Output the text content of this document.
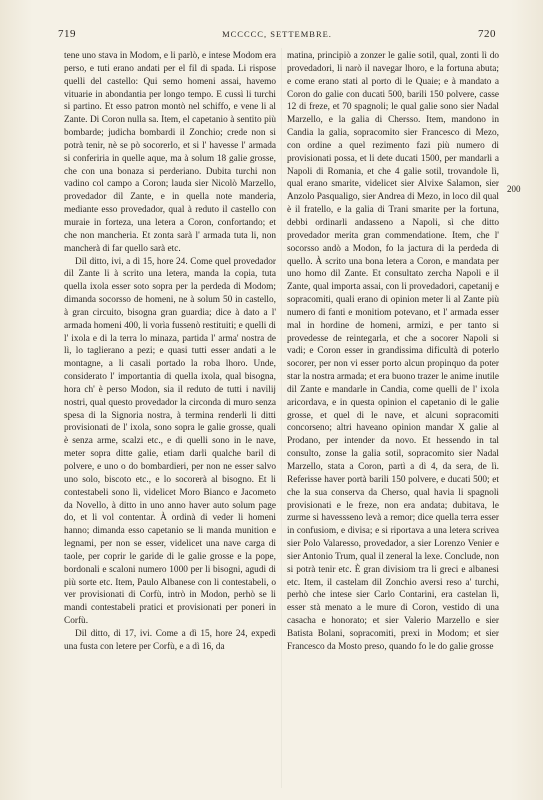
719	MCCCCC, SETTEMBRE.	720

tene uno stava in Modom, e li parlò, e intese Modom era perso, e tuti erano andati per el fil di spada. Li rispose quelli del castello: Qui semo homeni assai, havemo vituarie in abondantia per longo tempo. E cussì li turchi si partino. Et esso patron montò nel schiffo, e vene li al Zante. Di Coron nulla sa. Item, el capetanio à sentito più bombarde; judicha bombardi il Zonchio; crede non si potrà tenir, nè se pò socorerlo, et si l' havesse l' armada si conferiria in quelle aque, ma à solum 18 galie grosse, che con una bonaza si perderiano. Dubita turchi non vadino col campo a Coron; lauda sier Nicolò Marzello, provedador dil Zante, e in quella note manderia, mediante esso provedador, qual à reduto il castello con muraie in forteza, una letera a Coron, confortando; et che non mancheria. Et zonta sarà l' armada tuta li, non mancherà di far quello sarà etc.

Dil ditto, ivi, a dì 15, hore 24. Come quel provedador dil Zante li à scrito una letera, manda la copia, tuta quella ixola esser soto sopra per la perdeda di Modom; dimanda socorsso de homeni, ne à solum 50 in castello, à gran circuito, bisogna gran guardia; dice à dato a l' armada homeni 400, li vorìa fussenò restituiti; e quelli di l' ixola e di la terra lo minaza, partida l' arma' nostra de lì, lo taglierano a pezi; e quasi tutti esser andati a le montagne, a li casali portado la roba lhoro. Unde, considerato l' importantia di quella ixola, qual bisogna, hora ch' è perso Modon, sia il reduto de tutti i navilij nostri, qual questo provedador la circonda di muro senza spesa di la Signoria nostra, à termina renderli li ditti provisionati de l' ixola, sono sopra le galie grosse, quali è senza arme, scalzi etc., e di quelli sono in le nave, meter sopra ditte galie, etiam darli qualche baril di polvere, e uno o do bombardieri, per non ne esser salvo uno solo, biscoto etc., e lo socorerà al bisogno. Et li contestabeli sono lì, videlicet Moro Bianco e Jacometo da Novello, à ditto in uno anno haver auto solum page do, et li vol contentar. À ordinà di veder li homeni hanno; dimanda esso capetanio se li manda munition e legnami, per non se esser, videlicet una nave carga di taole, per coprir le garide di le galie grosse e la pope, bordonali e scaloni numero 1000 per li bisogni, agudi di più sorte etc. Item, Paulo Albanese con li contestabeli, o ver provisionati di Corfù, intrò in Modon, perhò se li mandi contestabeli pratici et provisionati per poneri in Corfù.

Dil ditto, di 17, ivi. Come a dì 15, hore 24, expedì una fusta con letere per Corfù, e a dì 16, da

matina, principiò a zonzer le galie sotil, qual, zonti lì do provedadori, li narò il navegar lhoro, e la fortuna abuta; e come erano stati al porto di le Quaie; e à mandato a Coron do galie con ducati 500, barili 150 polvere, casse 12 di freze, et 70 spagnoli; le qual galie sono sier Nadal Marzello, e la galia di Chersso. Item, mandono in Candia la galia, sopracomito sier Francesco di Mezo, con ordine a quel rezimento fazi più numero di provisionati possa, et li dete ducati 1500, per mandarli a Napoli di Romania, et che 4 galie sotil, trovandole lì, qual erano smarite, videlicet sier Alvixe Salamon, sier Anzolo Pasqualigo, sier Andrea di Mezo, in loco dil qual è il fratello, e la galia di Trani smarite per la fortuna, debbi ordinarli andasseno a Napoli, sì che ditto provedador merita gran commendatione. Item, che l' socorsso andò a Modon, fo la jactura di la perdeda di quello. À scrito una bona letera a Coron, e mandata per uno homo dil Zante. Et consultato zercha Napoli e il Zante, qual importa assai, con li provedadori, capetanij e sopracomiti, quali erano di opinion meter li al Zante più numero di fanti e monitiom potevano, et l' armada esser mal in hordine de homeni, armizi, e per tanto si provedesse de reintegarla, et che a socorer Napoli si vadi; e Coron esser in grandissima dificultà di poterlo socorer, per non vi esser porto alcun propinquo da poter star la nostra armada; et era buono trazer le anime inutile dil Zante e mandarle in Candia, come quelli de l' ixola aricordava, e in questa opinion el capetanio di le galie grosse, et quel di le nave, et alcuni sopracomiti concorseno; altri haveano opinion mandar X galie al Prodano, per intender da novo. Et hessendo in tal consulto, zonse la galia sotil, sopracomito sier Nadal Marzello, stata a Coron, partì a dì 4, da sera, de lì. Referisse haver portà barili 150 polvere, e ducati 500; et che la sua conserva da Cherso, qual havia li spagnoli provisionati e le freze, non era andata; dubitava, le zurme si havessseno levà a remor; dice quella terra esser in confusiom, e divisa; e si riportava a una letera scrivea sier Polo Valaresso, provedador, a sier Lorenzo Venier e sier Antonio Trum, qual il zeneral la lexe. Conclude, non si potrà tenir etc. È gran divisiom tra li greci e albanesi etc. Item, il castelam dil Zonchio aversi reso a' turchi, perhò che intese sier Carlo Contarini, era castelan lì, esser stà menato a le mure di Coron, vestido di una casacha e honorato; et sier Valerio Marzello e sier Batista Bolani, sopracomiti, prexi in Modom; et sier Francesco da Mosto preso, quando fo le do galie grosse

200
